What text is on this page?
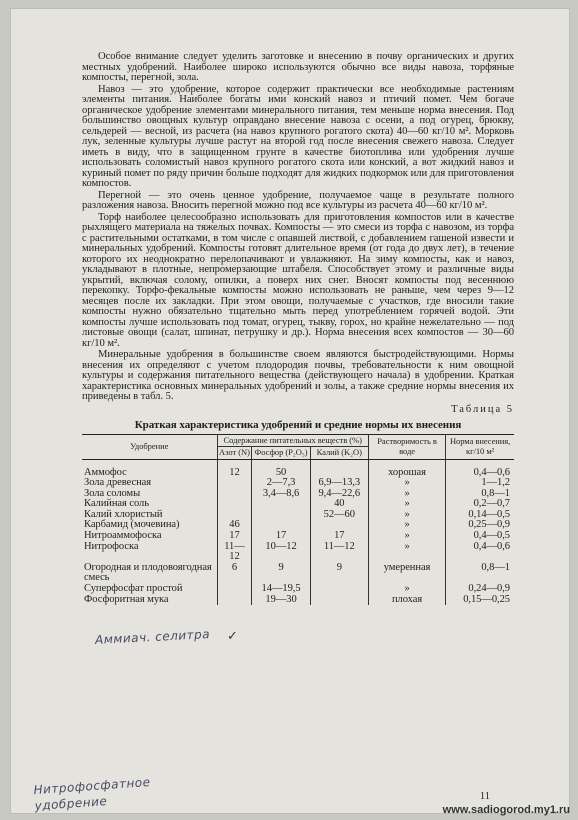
Особое внимание следует уделить заготовке и внесению в почву органических и других местных удобрений. Наиболее широко используются обычно все виды навоза, торфяные компосты, перегной, зола.

Навоз — это удобрение, которое содержит практически все необходимые растениям элементы питания. Наиболее богаты ими конский навоз и птичий помет. Чем богаче органическое удобрение элементами минерального питания, тем меньше норма внесения. Под большинство овощных культур оправдано внесение навоза с осени, а под огурец, брюкву, сельдерей — весной, из расчета (на навоз крупного рогатого скота) 40—60 кг/10 м². Морковь лук, зеленные культуры лучше растут на второй год после внесения свежего навоза. Следует иметь в виду, что в защищенном грунте в качестве биотоплива или удобрения лучше использовать соломистый навоз крупного рогатого скота или конский, а вот жидкий навоз и куриный помет по ряду причин больше подходят для жидких подкормок или для приготовления компостов.

Перегной — это очень ценное удобрение, получаемое чаще в результате полного разложения навоза. Вносить перегной можно под все культуры из расчета 40—60 кг/10 м².

Торф наиболее целесообразно использовать для приготовления компостов или в качестве рыхлящего материала на тяжелых почвах. Компосты — это смеси из торфа с навозом, из торфа с растительными остатками, в том числе с опавшей листвой, с добавлением гашеной извести и минеральных удобрений. Компосты готовят длительное время (от года до двух лет), в течение которого их неоднократно перелопачивают и увлажняют. На зиму компосты, как и навоз, укладывают в плотные, непромерзающие штабеля. Способствует этому и различные виды укрытий, включая солому, опилки, а поверх них снег. Вносят компосты под весеннюю перекопку. Торфо-фекальные компосты можно использовать не раньше, чем через 9—12 месяцев после их закладки. При этом овощи, получаемые с участков, где вносили такие компосты нужно обязательно тщательно мыть перед употреблением горячей водой. Эти компосты лучше использовать под томат, огурец, тыкву, горох, но крайне нежелательно — под листовые овощи (салат, шпинат, петрушку и др.). Норма внесения всех компостов — 30—60 кг/10 м².

Минеральные удобрения в большинстве своем являются быстродействующими. Нормы внесения их определяют с учетом плодородия почвы, требовательности к ним овощной культуры и содержания питательного вещества (действующего начала) в удобрении. Краткая характеристика основных минеральных удобрений и золы, а также средние нормы внесения их приведены в табл. 5.

Таблица 5
Краткая характеристика удобрений и средние нормы их внесения
Удобрение	Содержание питательных веществ (%)			Растворимость в воде	Норма внесения, кг/10 м²
	Азот (N)	Фосфор (P₂O₅)	Калий (K₂O)		
Аммофос	12	50		хорошая	0,4—0,6
Зола древесная		2—7,3	6,9—13,3	»	1—1,2
Зола соломы		3,4—8,6	9,4—22,6	»	0,8—1
Калийная соль			40	»	0,2—0,7
Калий хлористый			52—60	»	0,14—0,5
Карбамид (мочевина)	46			»	0,25—0,9
Нитроаммофоска	17	17	17	»	0,4—0,5
Нитрофоска	11—12	10—12	11—12	»	0,4—0,6
Огородная и плодовоягодная смесь	6	9	9	умеренная	0,8—1
Суперфосфат простой		14—19,5		»	0,24—0,9
Фосфоритная мука		19—30		плохая	0,15—0,25
Аммиач. селитра ✓
Нитрофосфатное
удобрение	11
www.sadiogorod.my1.ru
